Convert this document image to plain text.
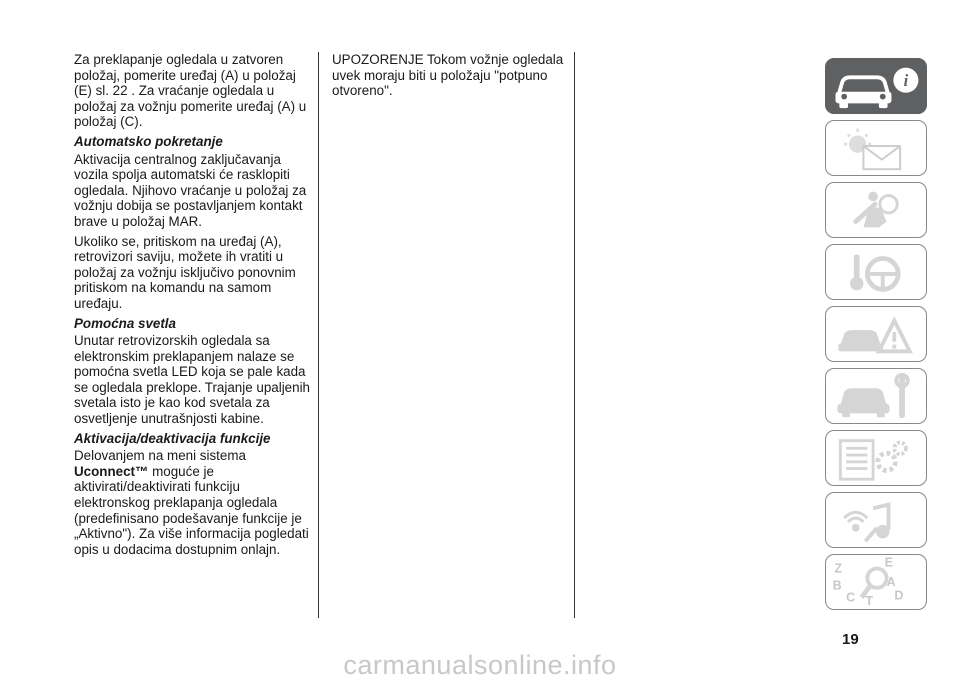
Za preklapanje ogledala u zatvoren položaj, pomerite uređaj (A) u položaj (E) sl. 22 . Za vraćanje ogledala u položaj za vožnju pomerite uređaj (A) u položaj (C).

Automatsko pokretanje

Aktivacija centralnog zaključavanja vozila spolja automatski će rasklopiti ogledala. Njihovo vraćanje u položaj za vožnju dobija se postavljanjem kontakt brave u položaj MAR.

Ukoliko se, pritiskom na uređaj (A), retrovizori saviju, možete ih vratiti u položaj za vožnju isključivo ponovnim pritiskom na komandu na samom uređaju.

Pomoćna svetla

Unutar retrovizorskih ogledala sa elektronskim preklapanjem nalaze se pomoćna svetla LED koja se pale kada se ogledala preklope. Trajanje upaljenih svetala isto je kao kod svetala za osvetljenje unutrašnjosti kabine.

Aktivacija/deaktivacija funkcije

Delovanjem na meni sistema
Uconnect™ moguće je aktivirati/deaktivirati funkciju elektronskog preklapanja ogledala (predefinisano podešavanje funkcije je „Aktivno"). Za više informacija pogledati opis u dodacima dostupnim onlajn.

UPOZORENJE Tokom vožnje ogledala uvek moraju biti u položaju "potpuno otvoreno".

i
Z	E
B	A
C T D
19
carmanualsonline.info
